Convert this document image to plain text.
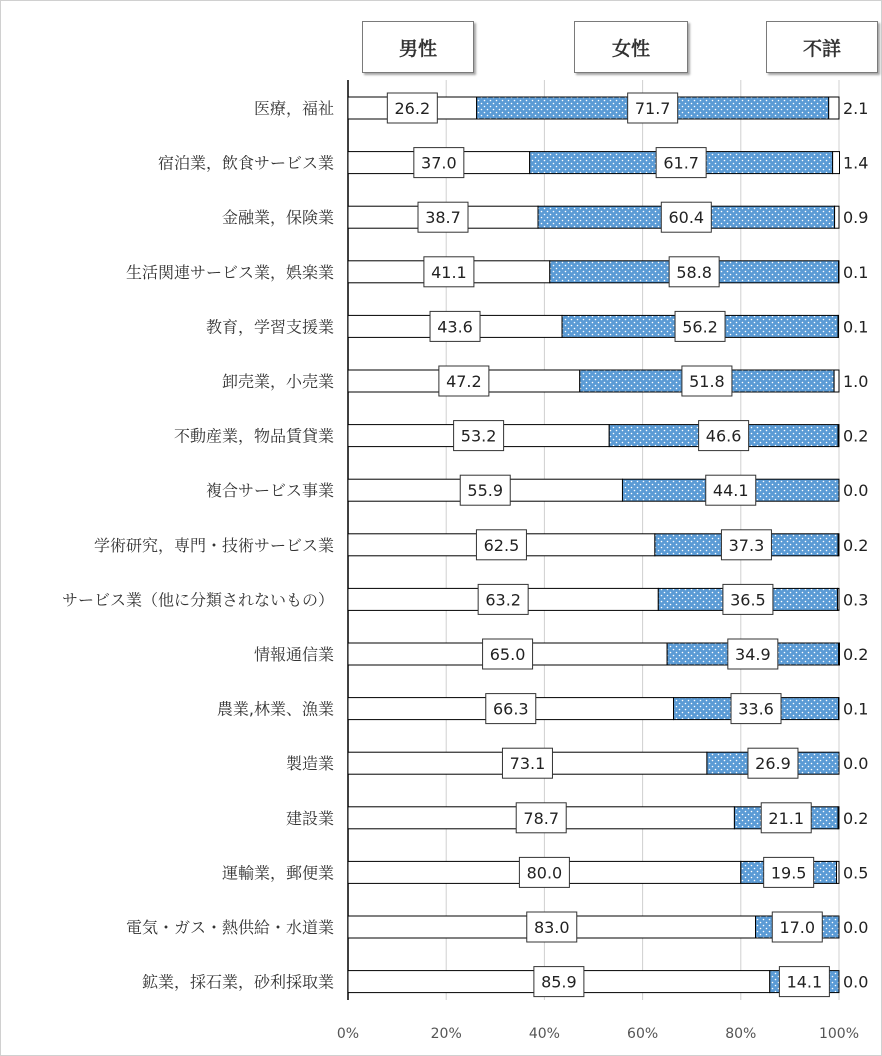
男性	女性	不詳
0%	20%	40%	60%	80%	100%
医療，福祉	26.2	71.7	2.1
宿泊業，飲食サービス業	37.0	61.7	1.4
金融業，保険業	38.7	60.4	0.9
生活関連サービス業，娯楽業	41.1	58.8	0.1
教育，学習支援業	43.6	56.2	0.1
卸売業，小売業	47.2	51.8	1.0
不動産業，物品賃貸業	53.2	46.6	0.2
複合サービス事業	55.9	44.1	0.0
学術研究，専門・技術サービス業	62.5	37.3	0.2
サービス業（他に分類されないもの）	63.2	36.5	0.3
情報通信業	65.0	34.9	0.2
農業,林業、漁業	66.3	33.6	0.1
製造業	73.1	26.9	0.0
建設業	78.7	21.1 0.2
運輸業，郵便業	80.0	19.5 0.5
電気・ガス・熱供給・水道業	83.0	17.0 0.0
鉱業，採石業，砂利採取業	85.9	14.1 0.0
